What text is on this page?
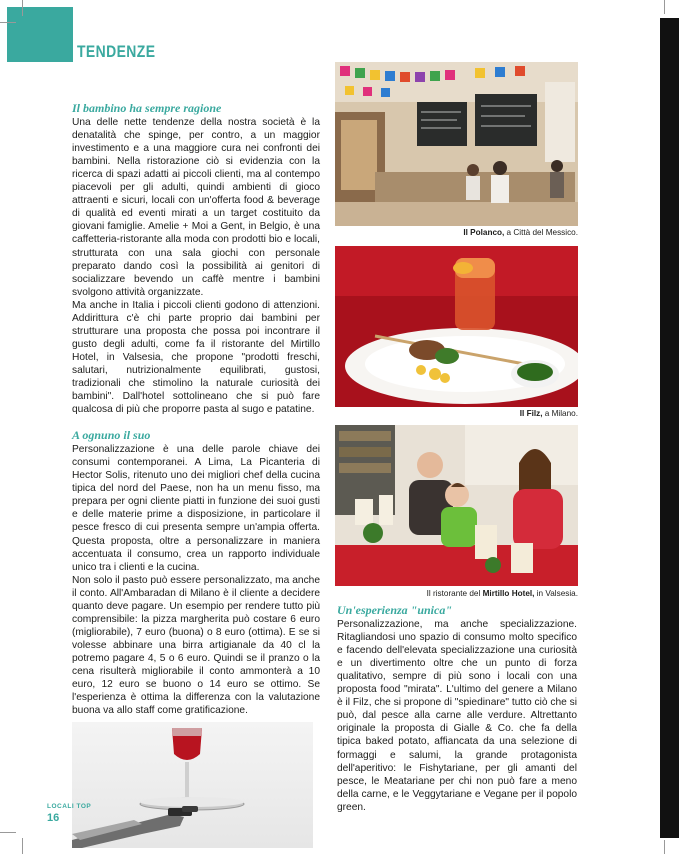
TENDENZE
Il bambino ha sempre ragione

Una delle nette tendenze della nostra società è la denatalità che spinge, per contro, a un maggior investimento e a una maggiore cura nei confronti dei bambini. Nella ristorazione ciò si evidenzia con la ricerca di spazi adatti ai piccoli clienti, ma al contempo piacevoli per gli adulti, quindi ambienti di gioco attraenti e sicuri, locali con un'offerta food & beverage di qualità ed eventi mirati a un target costituito da giovani famiglie. Amelie + Moi a Gent, in Belgio, è una caffetteria-ristorante alla moda con prodotti bio e locali, strutturata con una sala giochi con personale preparato dando così la possibilità ai genitori di socializzare bevendo un caffè mentre i bambini svolgono attività organizzate.

Ma anche in Italia i piccoli clienti godono di attenzioni. Addirittura c'è chi parte proprio dai bambini per strutturare una proposta che possa poi incontrare il gusto degli adulti, come fa il ristorante del Mirtillo Hotel, in Valsesia, che propone "prodotti freschi, salutari, nutrizionalmente equilibrati, gustosi, tradizionali che stimolino la naturale curiosità dei bambini". Dall'hotel sottolineano che si può fare qualcosa di più che proporre pasta al sugo e patatine.

A ognuno il suo

Personalizzazione è una delle parole chiave dei consumi contemporanei. A Lima, La Picanteria di Hector Solis, ritenuto uno dei migliori chef della cucina tipica del nord del Paese, non ha un menu fisso, ma prepara per ogni cliente piatti in funzione dei suoi gusti e delle materie prime a disposizione, in particolare il pesce fresco di cui presenta sempre un'ampia offerta. Questa proposta, oltre a personalizzare in maniera accentuata il consumo, crea un rapporto individuale unico tra i clienti e la cucina.

Non solo il pasto può essere personalizzato, ma anche il conto. All'Ambaradan di Milano è il cliente a decidere quanto deve pagare. Un esempio per rendere tutto più comprensibile: la pizza margherita può costare 6 euro (migliorabile), 7 euro (buona) o 8 euro (ottima). E se si volesse abbinare una birra artigianale da 40 cl la potremo pagare 4, 5 o 6 euro. Quindi se il pranzo o la cena risulterà migliorabile il conto ammonterà a 10 euro, 12 euro se buono o 14 euro se ottimo. Se l'esperienza è ottima la differenza con la valutazione buona va allo staff come gratificazione.

Il Polanco, a Città del Messico.
Il Filz, a Milano.
Il ristorante del Mirtillo Hotel, in Valsesia.
Un'esperienza "unica"

Personalizzazione, ma anche specializzazione. Ritagliandosi uno spazio di consumo molto specifico e facendo dell'elevata specializzazione una curiosità e un divertimento oltre che un punto di forza qualitativo, sempre di più sono i locali con una proposta food "mirata". L'ultimo del genere a Milano è il Filz, che si propone di "spiedinare" tutto ciò che si può, dal pesce alla carne alle verdure. Altrettanto originale la proposta di Gialle & Co. che fa della tipica baked potato, affiancata da una selezione di formaggi e salumi, la grande protagonista dell'aperitivo: le Fishytariane, per gli amanti del pesce, le Meatariane per chi non può fare a meno della carne, e le Veggytariane e Vegane per il popolo green.

LOCALI TOP
16
